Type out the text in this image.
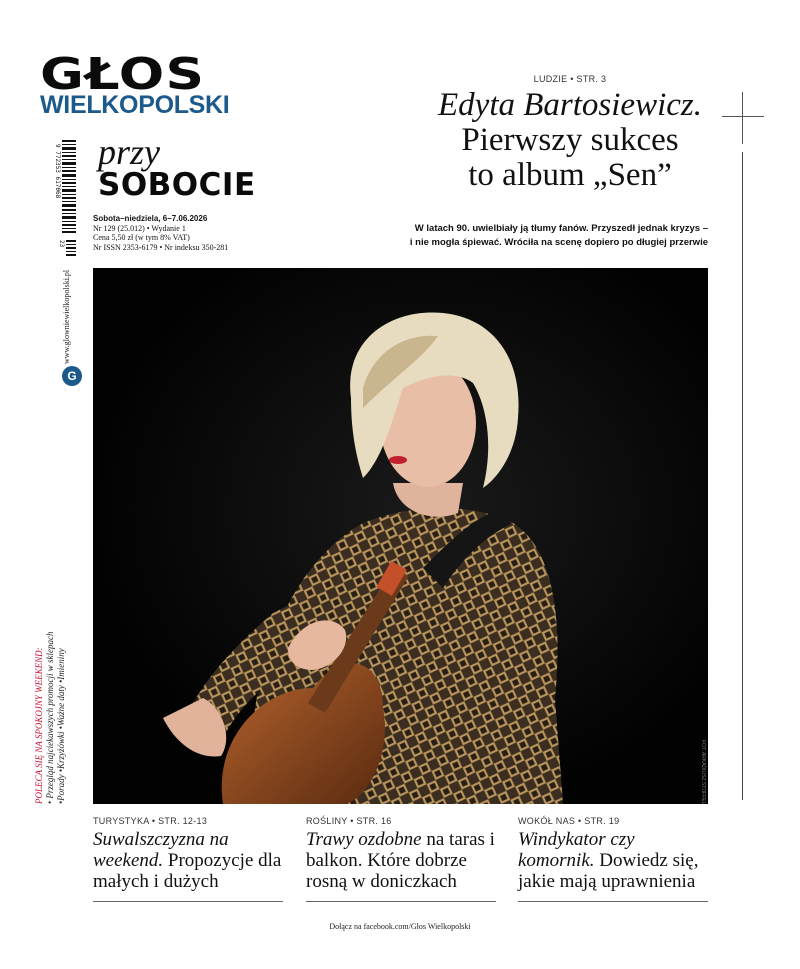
GŁOS
WIELKOPOLSKI
9 772353 617068
23
www.glowniewielkopolski.pl
G
przy
SOBOCIE
Sobota–niedziela, 6–7.06.2026
Nr 129 (25.012) • Wydanie 1
Cena 5,50 zł (w tym 8% VAT)
Nr ISSN 2353-6179 • Nr indeksu 350-281
LUDZIE • STR. 3
Edyta Bartosiewicz.
Pierwszy sukces
to album „Sen”
W latach 90. uwielbiały ją tłumy fanów. Przyszedł jednak kryzys –
i nie mogła śpiewać. Wróciła na scenę dopiero po długiej przerwie
FOT. ARKADIUSZ STOFFEL
POLECA SIĘ NA SPOKOJNY WEEKEND: • Przegląd najciekawszych promocji w sklepach •Porady •Krzyżówki •Ważne daty •Imieniny
TURYSTYKA • STR. 12-13
Suwalszczyzna na weekend. Propozycje dla małych i dużych
ROŚLINY • STR. 16
Trawy ozdobne na taras i balkon. Które dobrze rosną w doniczkach
WOKÓŁ NAS • STR. 19
Windykator czy komornik. Dowiedz się, jakie mają uprawnienia
Dołącz na facebook.com/Głos Wielkopolski
